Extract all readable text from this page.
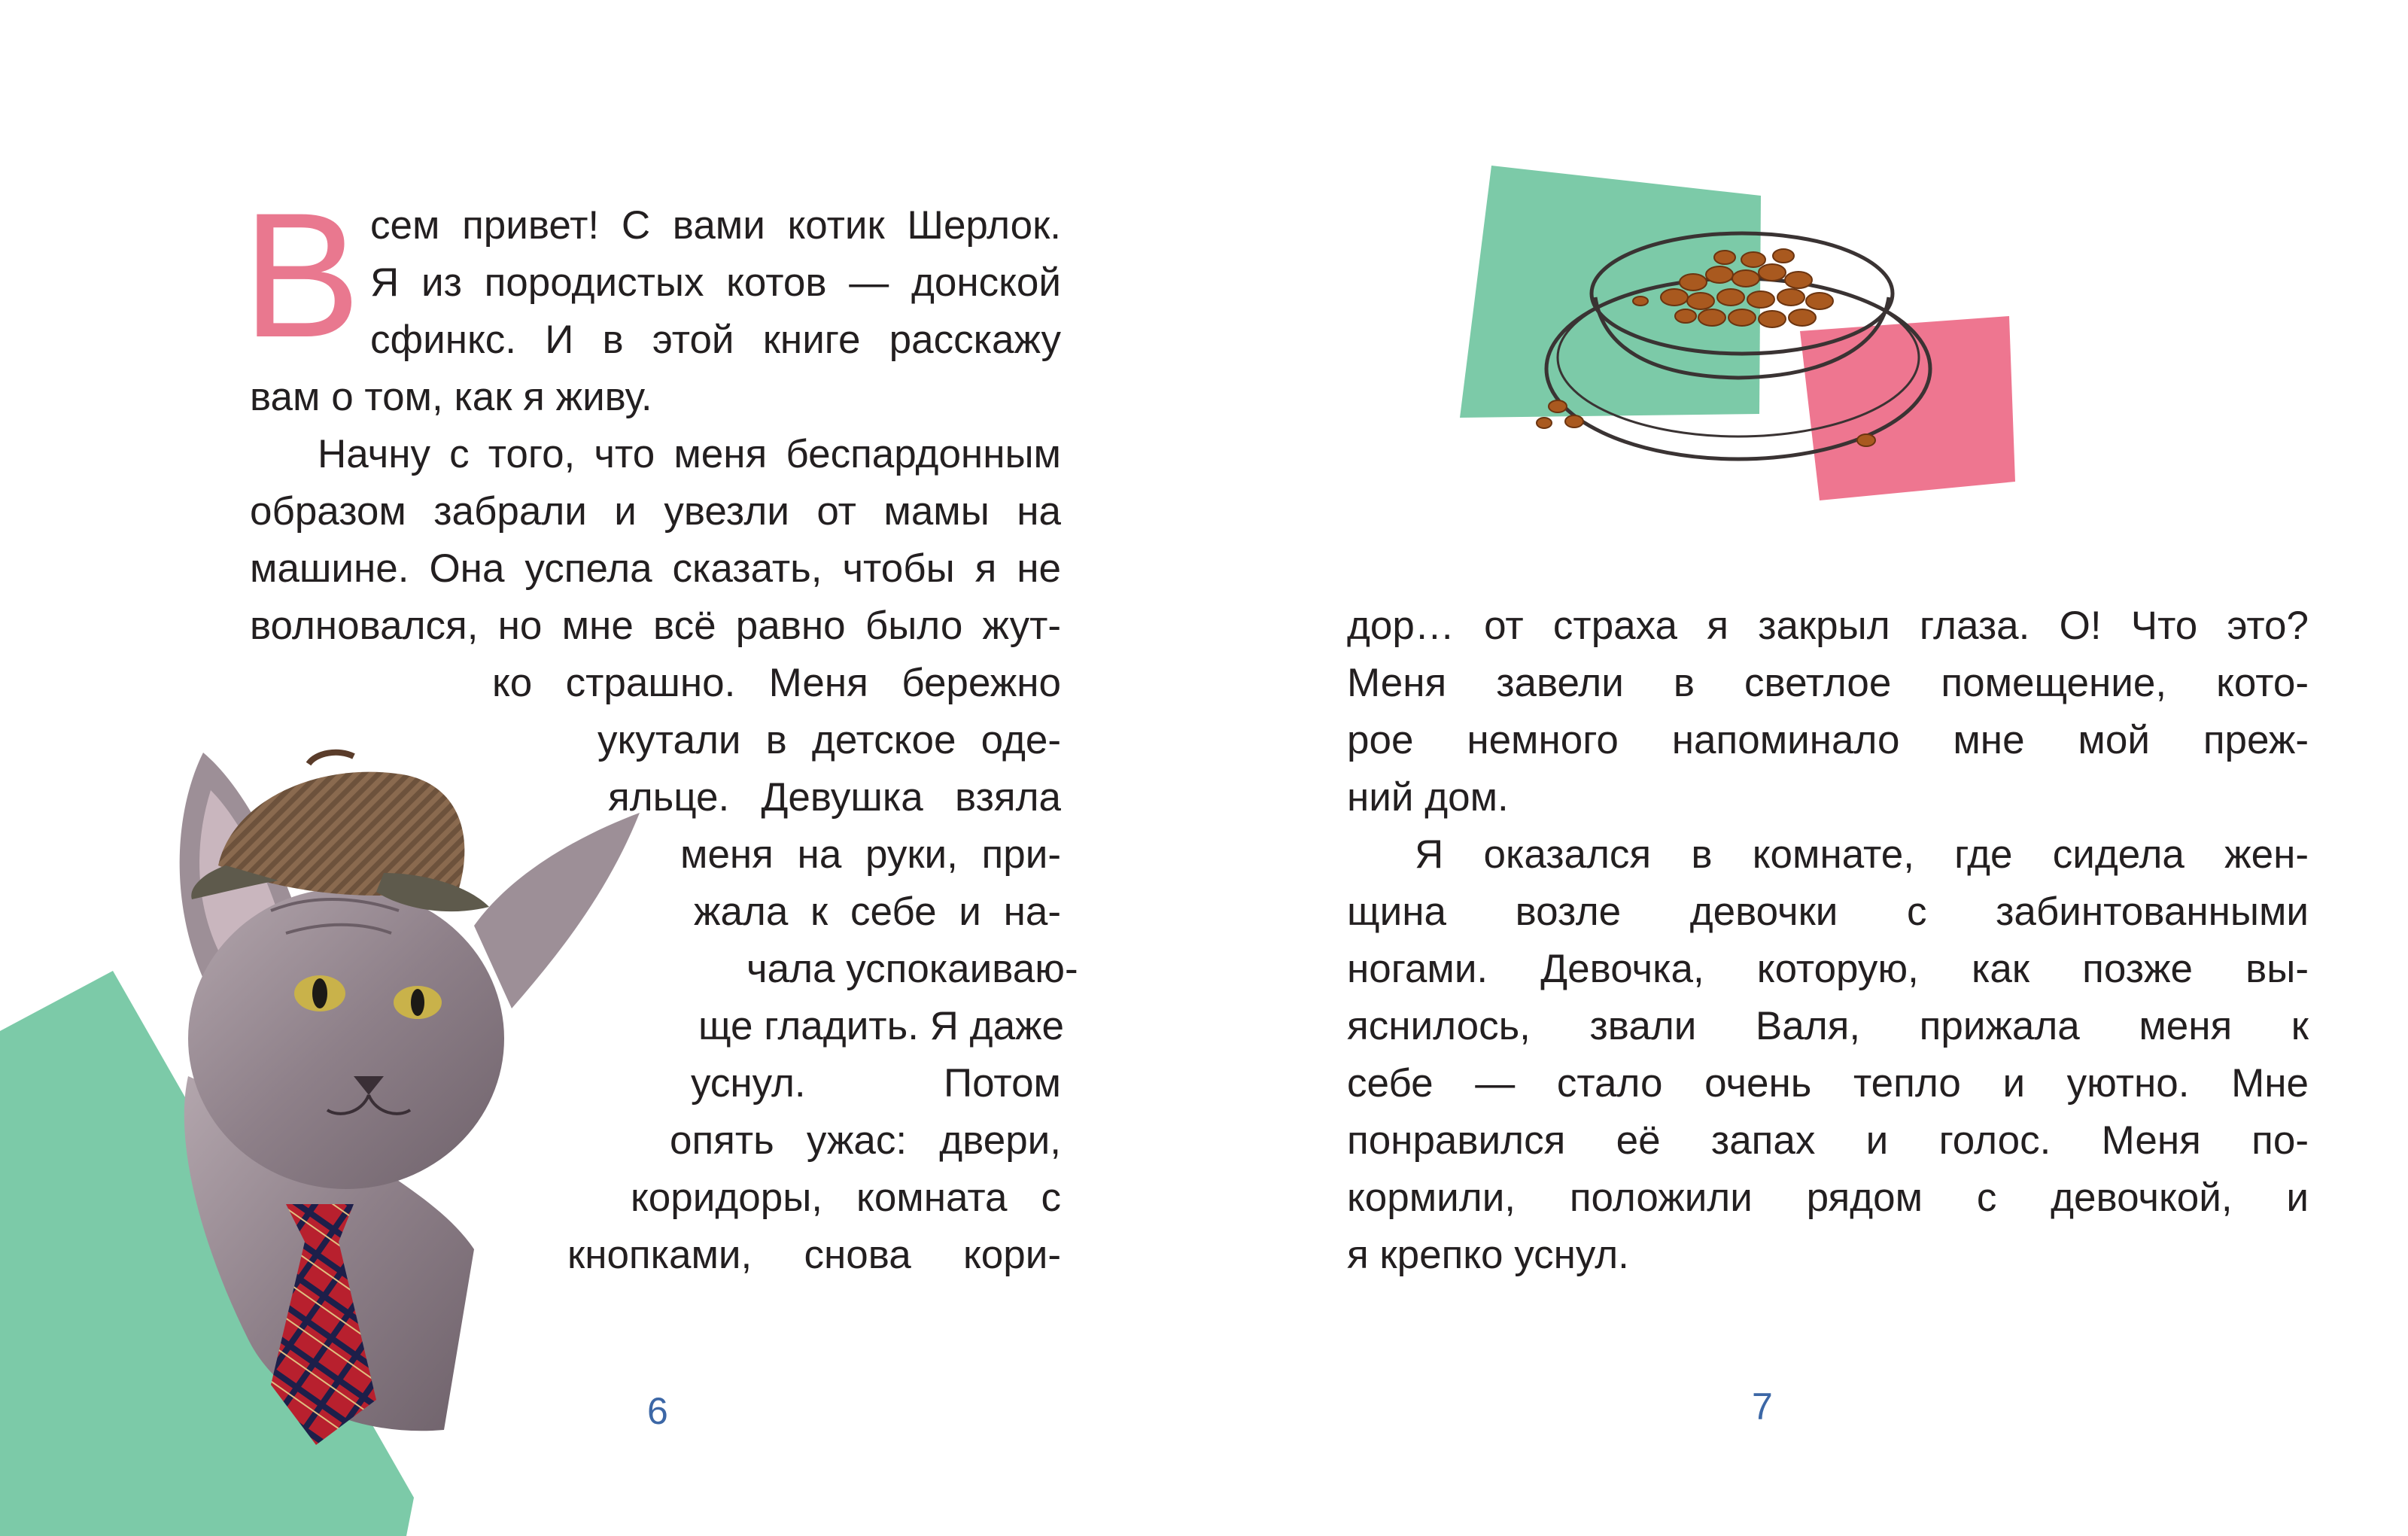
В сем привет! С вами котик Шерлок.
Я из породистых котов — донской
сфинкс. И в этой книге расскажу
вам о том, как я живу.
Начну с того, что меня беспардонным
образом забрали и увезли от мамы на
машине. Она успела сказать, чтобы я не
волновался, но мне всё равно было жут-
ко страшно. Меня бережно
укутали в детское оде-
яльце. Девушка взяла
меня на руки, при-
жала к себе и на-
чала успокаиваю-
ще гладить. Я даже
уснул. Потом
опять ужас: двери,
коридоры, комната с
кнопками, снова кори-
6
дор… от страха я закрыл глаза. О! Что это?
Меня завели в светлое помещение, кото-
рое немного напоминало мне мой преж-
ний дом.
Я оказался в комнате, где сидела жен-
щина возле девочки с забинтованными
ногами. Девочка, которую, как позже вы-
яснилось, звали Валя, прижала меня к
себе — стало очень тепло и уютно. Мне
понравился её запах и голос. Меня по-
кормили, положили рядом с девочкой, и
я крепко уснул.
7
